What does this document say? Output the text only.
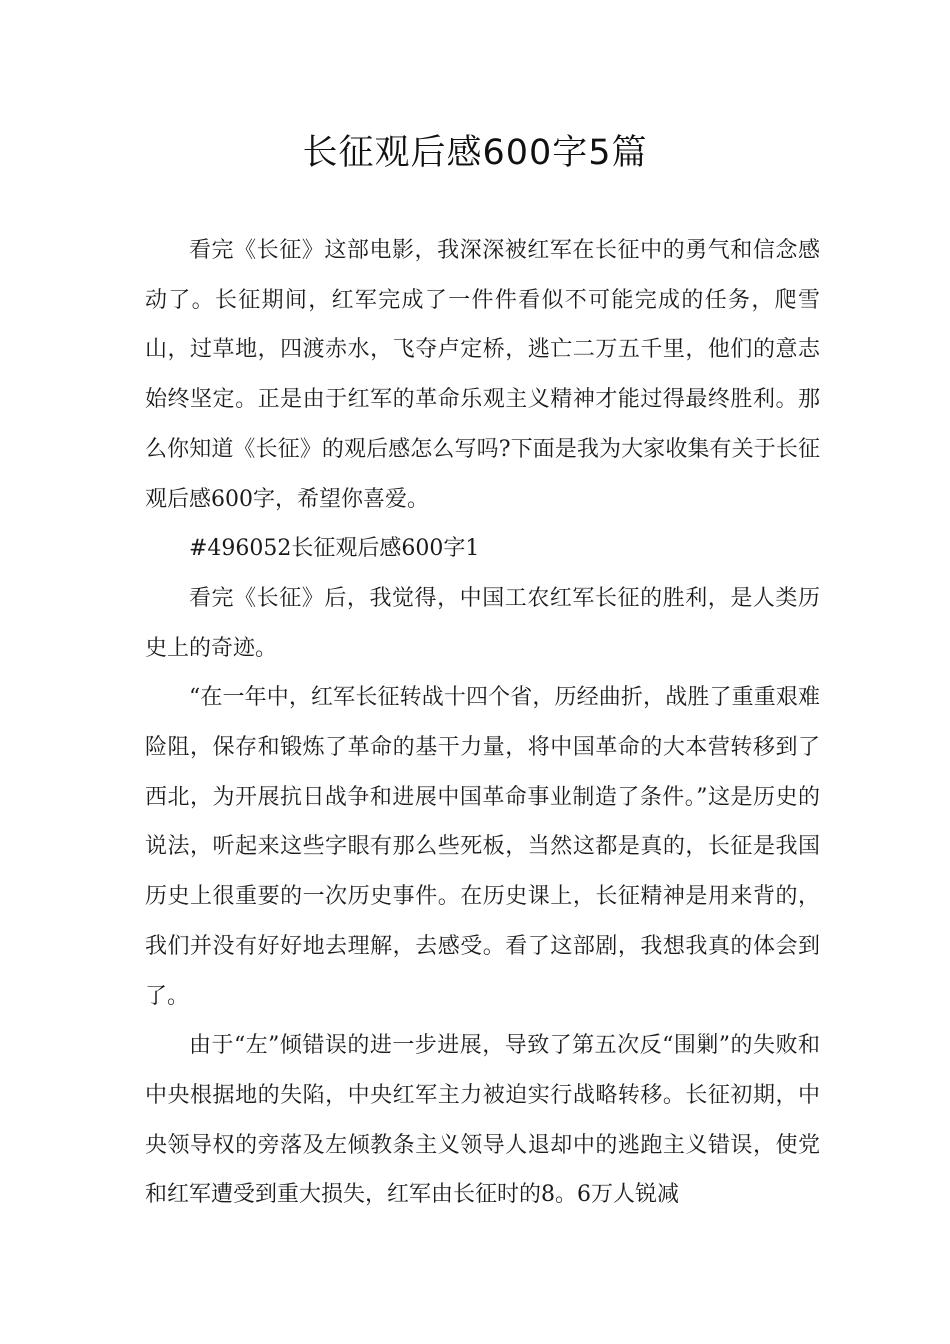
长征观后感600字5篇

看完《长征》这部电影，我深深被红军在长征中的勇气和信念感动了。长征期间，红军完成了一件件看似不可能完成的任务，爬雪山，过草地，四渡赤水，飞夺卢定桥，逃亡二万五千里，他们的意志始终坚定。正是由于红军的革命乐观主义精神才能过得最终胜利。那么你知道《长征》的观后感怎么写吗?下面是我为大家收集有关于长征观后感600字，希望你喜爱。

#496052长征观后感600字1

看完《长征》后，我觉得，中国工农红军长征的胜利，是人类历史上的奇迹。

“在一年中，红军长征转战十四个省，历经曲折，战胜了重重艰难险阻，保存和锻炼了革命的基干力量，将中国革命的大本营转移到了西北，为开展抗日战争和进展中国革命事业制造了条件。”这是历史的说法，听起来这些字眼有那么些死板，当然这都是真的，长征是我国历史上很重要的一次历史事件。在历史课上，长征精神是用来背的，我们并没有好好地去理解，去感受。看了这部剧，我想我真的体会到了。

由于“左”倾错误的进一步进展，导致了第五次反“围剿”的失败和中央根据地的失陷，中央红军主力被迫实行战略转移。长征初期，中央领导权的旁落及左倾教条主义领导人退却中的逃跑主义错误，使党和红军遭受到重大损失，红军由长征时的8。6万人锐减
